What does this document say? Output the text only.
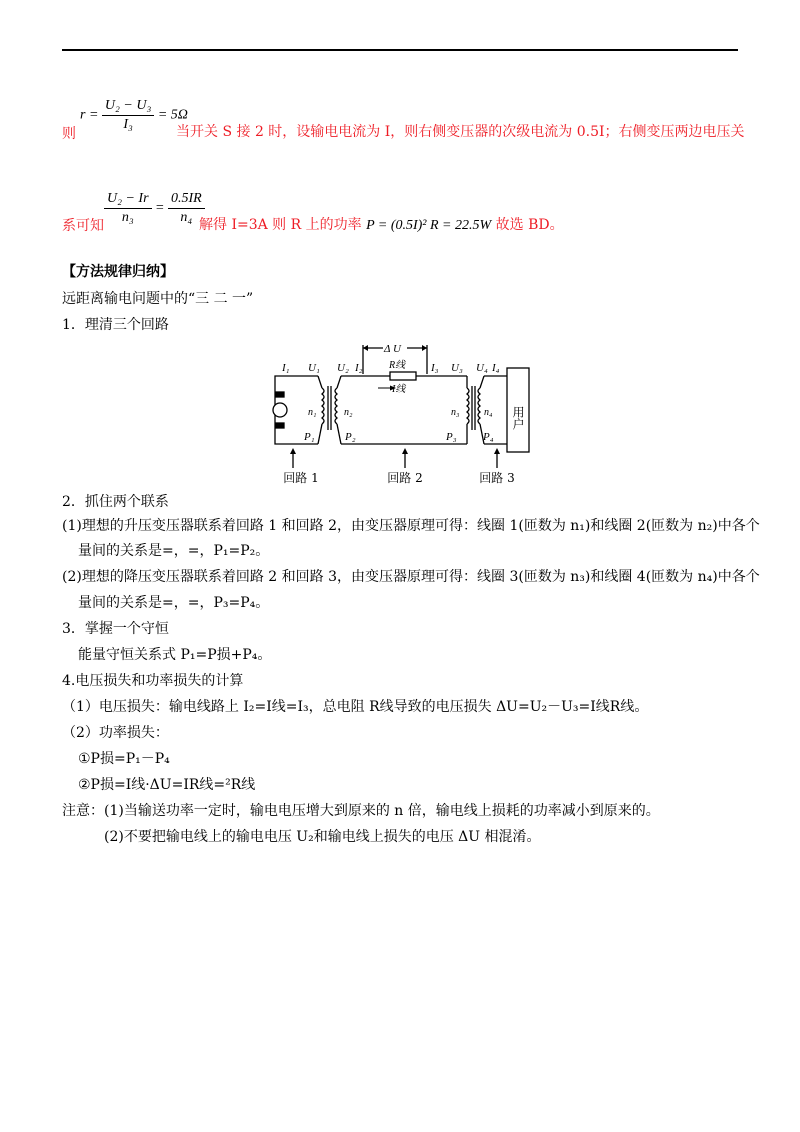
则
$r = \frac{\text{U₂ − U₃}}{\text{I₃}} = 5\Omega$
当开关 S 接 2 时，设输电电流为 I，则右侧变压器的次级电流为 0.5I；右侧变压两边电压关
系可知 $\frac{\text{U₂ − Ir}}{\text{n₃}} = \frac{0.5IR}{\text{n₄}}$
解得 I=3A 则 R 上的功率 P = (0.5I)² R = 22.5W 故选 BD。
【方法规律归纳】
远距离输电问题中的“三 二 一”
1．理清三个回路
I₁ U₁ U₂ I₂	I₃ U₃ U₄ I₄
Δ U
R线
I线
n₁	n₂	n₃ n₄
P₁	P₂	P₃ P₄
用户
回路 1	回路 2	回路 3
2．抓住两个联系
(1)理想的升压变压器联系着回路 1 和回路 2，由变压器原理可得：线圈 1(匝数为 n₁)和线圈 2(匝数为 n₂)中各个
量间的关系是=，=，P₁=P₂。
(2)理想的降压变压器联系着回路 2 和回路 3，由变压器原理可得：线圈 3(匝数为 n₃)和线圈 4(匝数为 n₄)中各个
量间的关系是=，=，P₃=P₄。
3．掌握一个守恒
能量守恒关系式 P₁=P损+P₄。
4.电压损失和功率损失的计算
（1）电压损失：输电线路上 I₂=I线=I₃，总电阻 R线导致的电压损失 ΔU=U₂－U₃=I线R线。
（2）功率损失：
①P损=P₁－P₄
②P损=I线·ΔU=IR线=²R线
注意：(1)当输送功率一定时，输电电压增大到原来的 n 倍，输电线上损耗的功率减小到原来的。
(2)不要把输电线上的输电电压 U₂和输电线上损失的电压 ΔU 相混淆。
